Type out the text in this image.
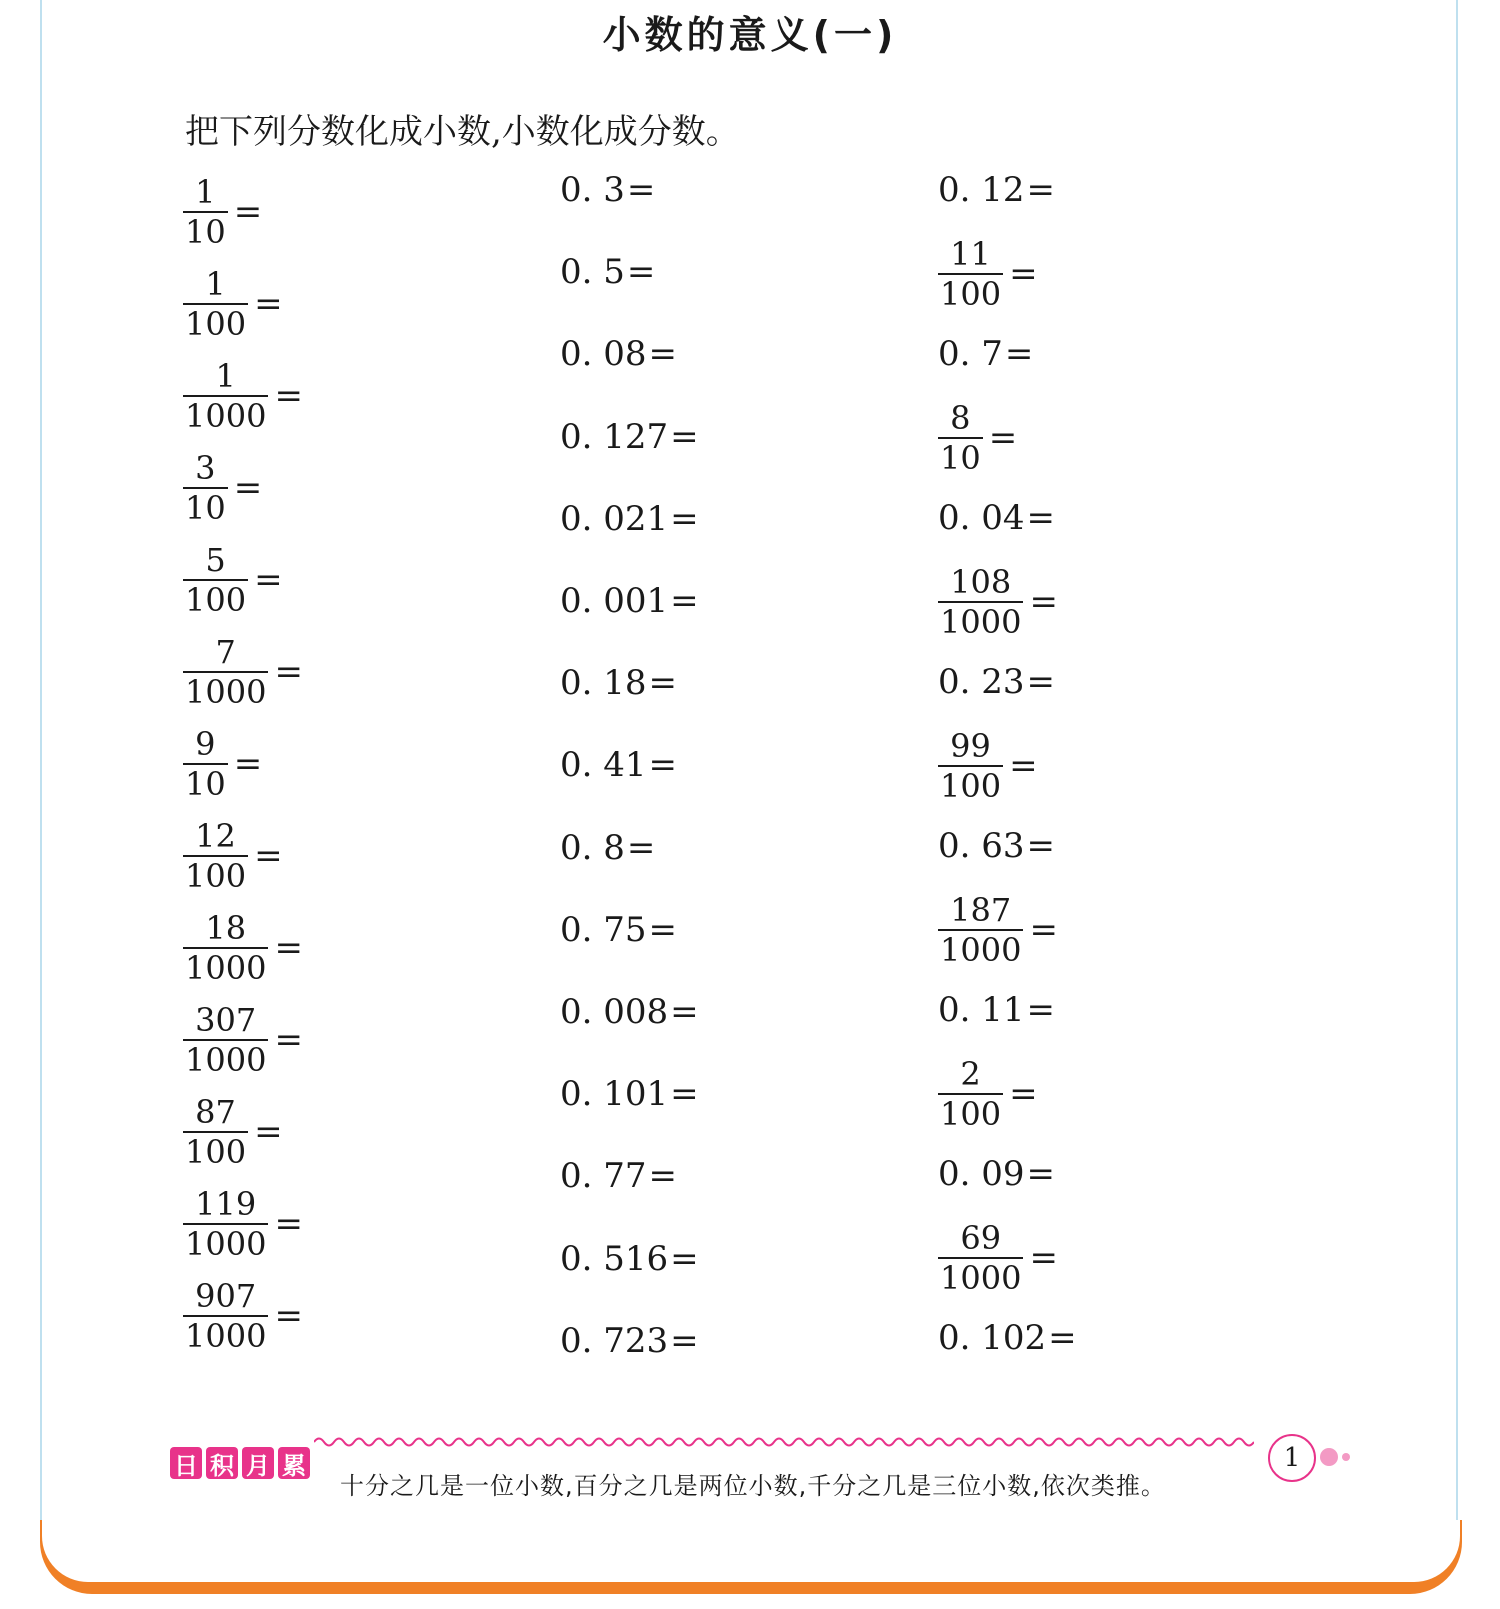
小数的意义(一)
把下列分数化成小数,小数化成分数。
$\frac{1}{10}$ =
$\frac{1}{100}$ =
$\frac{1}{1000}$ =
$\frac{3}{10}$ =
$\frac{5}{100}$ =
$\frac{7}{1000}$ =
$\frac{9}{10}$ =
$\frac{12}{100}$ =
$\frac{18}{1000}$ =
$\frac{307}{1000}$ =
$\frac{87}{100}$ =
$\frac{119}{1000}$ =
$\frac{907}{1000}$ =
0. 3 =
0. 5 =
0. 08 =
0. 127 =
0. 021 =
0. 001 =
0. 18 =
0. 41 =
0. 8 =
0. 75 =
0. 008 =
0. 101 =
0. 77 =
0. 516 =
0. 723 =
0. 12 =
$\frac{11}{100}$ =
0. 7 =
$\frac{8}{10}$ =
0. 04 =
$\frac{108}{1000}$ =
0. 23 =
$\frac{99}{100}$ =
0. 63 =
$\frac{187}{1000}$ =
0. 11 =
$\frac{2}{100}$ =
0. 09 =
$\frac{69}{1000}$ =
0. 102 =
日 积 月 累
十分之几是一位小数,百分之几是两位小数,千分之几是三位小数,依次类推。
1
